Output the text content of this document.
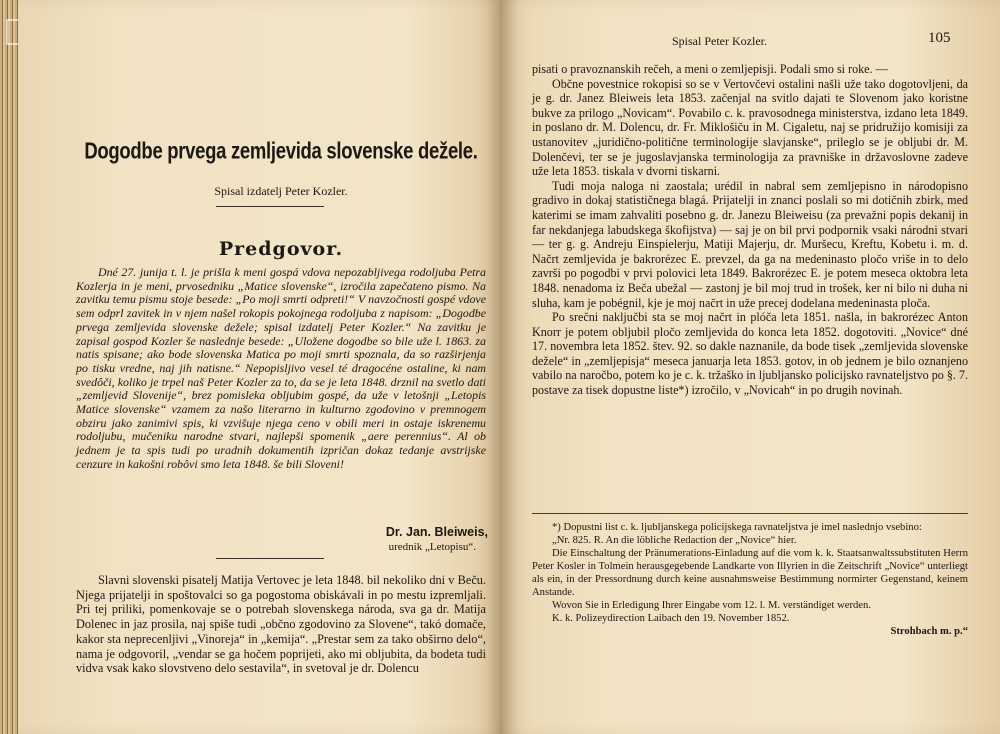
Dogodbe prvega zemljevida slovenske dežele.
Spisal izdatelj Peter Kozler.
Predgovor.

Dné 27. junija t. l. je prišla k meni gospá vdova nepozabljivega rodoljuba Petra Kozlerja in je meni, prvosedniku „Matice slovenske“, izročila zapečateno pismo. Na zavitku temu pismu stoje besede: „Po moji smrti odpreti!“ V navzočnosti gospé vdove sem odprl zavitek in v njem našel rokopis pokojnega rodoljuba z napisom: „Dogodbe prvega zemljevida slovenske dežele; spisal izdatelj Peter Kozler.“ Na zavitku je zapisal gospod Kozler še naslednje besede: „Uložene dogodbe so bile uže l. 1863. za natis spisane; ako bode slovenska Matica po moji smrti spoznala, da so razširjenja po tisku vredne, naj jih natisne.“ Nepopisljivo vesel té dragocéne ostaline, ki nam svedôči, koliko je trpel naš Peter Kozler za to, da se je leta 1848. drznil na svetlo dati „zemljevid Slovenije“, brez pomisleka obljubim gospé, da uže v letošnji „Letopis Matice slovenske“ vzamem za našo literarno in kulturno zgodovino v premnogem obziru jako zanimivi spis, ki vzvišuje njega ceno v obili meri in ostaje iskrenemu rodoljubu, mučeniku narodne stvari, najlepši spomenik „aere perennius“. Al ob jednem je ta spis tudi po uradnih dokumentih izpričan dokaz tedanje avstrijske cenzure in kakošni robôvi smo leta 1848. še bili Sloveni!

Dr. Jan. Bleiweis,
urednik „Letopisu“.

Slavni slovenski pisatelj Matija Vertovec je leta 1848. bil nekoliko dni v Beču. Njega prijatelji in spoštovalci so ga pogostoma obiskávali in po mestu izpremljali. Pri tej priliki, pomenkovaje se o potrebah slovenskega národa, sva ga dr. Matija Dolenec in jaz prosila, naj spiše tudi „občno zgodovino za Slovene“, takó domače, kakor sta neprecenljivi „Vinoreja“ in „kemija“. „Prestar sem za tako obširno delo“, nama je odgovoril, „vendar se ga hočem poprijeti, ako mi obljubita, da bodeta tudi vidva vsak kako slovstveno delo sestavila“, in svetoval je dr. Dolencu

Spisal Peter Kozler.	105

pisati o pravoznanskih rečeh, a meni o zemljepisji. Podali smo si roke. —

Občne povestnice rokopisi so se v Vertovčevi ostalini našli uže tako dogotovljeni, da je g. dr. Janez Bleiweis leta 1853. začenjal na svitlo dajati te Slovenom jako koristne bukve za prilogo „Novicam“. Povabilo c. k. pravosodnega ministerstva, izdano leta 1849. in poslano dr. M. Dolencu, dr. Fr. Miklošiču in M. Cigaletu, naj se pridružijo komisiji za ustanovitev „juridično-politične terminologije slavjanske“, prileglo se je obljubi dr. M. Dolenčevi, ter se je jugoslavjanska terminologija za pravniške in državoslovne zadeve uže leta 1853. tiskala v dvorni tiskarni.

Tudi moja naloga ni zaostala; urédil in nabral sem zemljepisno in národopisno gradivo in dokaj statističnega blagá. Prijatelji in znanci poslali so mi dotičnih zbirk, med katerimi se imam zahvaliti posebno g. dr. Janezu Bleiweisu (za prevažni popis dekanij in far nekdanjega labudskega škofijstva) — saj je on bil prvi podpornik vsaki národni stvari — ter g. g. Andreju Einspielerju, Matiji Majerju, dr. Muršecu, Kreftu, Kobetu i. m. d. Načrt zemljevida je bakrorézec E. prevzel, da ga na medeninasto pločo vriše in to delo završi po pogodbi v prvi polovici leta 1849. Bakrorézec E. je potem meseca oktobra leta 1848. nenadoma iz Beča ubežal — zastonj je bil moj trud in trošek, ker ni bilo ni duha ni sluha, kam je pobégnil, kje je moj načrt in uže precej dodelana medeninasta ploča.

Po srečni naključbi sta se moj načrt in plóča leta 1851. našla, in bakrorézec Anton Knorr je potem obljubil pločo zemljevida do konca leta 1852. dogotoviti. „Novice“ dné 17. novembra leta 1852. štev. 92. so dakle naznanile, da bode tisek „zemljevida slovenske dežele“ in „zemljepisja“ meseca januarja leta 1853. gotov, in ob jednem je bilo oznanjeno vabilo na naročbo, potem ko je c. k. tržaško in ljubljansko policijsko ravnateljstvo po §. 7. postave za tisek dopustne liste*) izročilo, v „Novicah“ in po drugih novinah.

*) Dopustni list c. k. ljubljanskega policijskega ravnateljstva je imel naslednjo vsebino:

„Nr. 825. R. An die löbliche Redaction der „Novice“ hier.

Die Einschaltung der Pränumerations-Einladung auf die vom k. k. Staatsanwaltssubstituten Herrn Peter Kosler in Tolmein herausgegebende Landkarte von Illyrien in die Zeitschrift „Novice“ unterliegt als ein, in der Pressordnung durch keine ausnahmsweise Bestimmung normirter Gegenstand, keinem Anstande.

Wovon Sie in Erledigung Ihrer Eingabe vom 12. l. M. verständiget werden.

K. k. Polizeydirection Laibach den 19. November 1852.

Strohbach m. p.“
